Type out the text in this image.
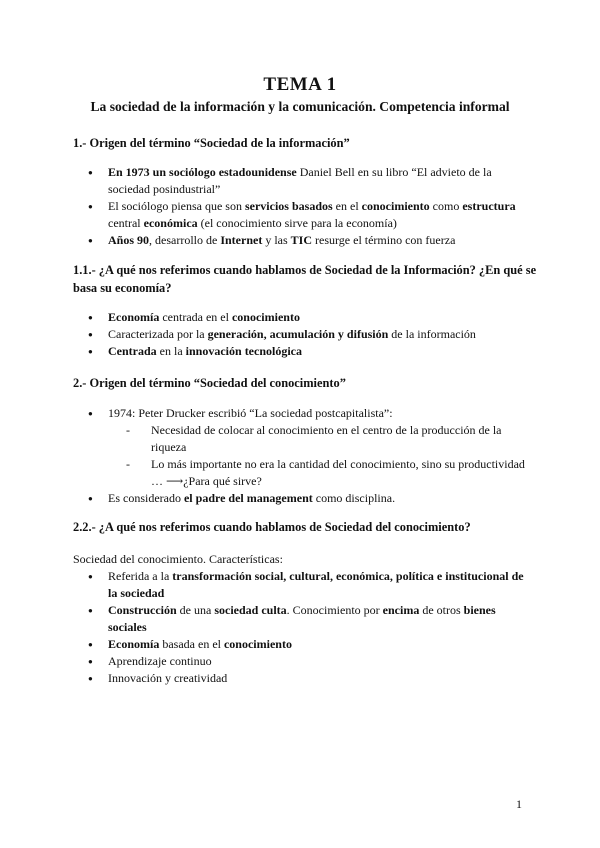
TEMA 1
La sociedad de la información y la comunicación. Competencia informal
1.- Origen del término “Sociedad de la información”
● En 1973 un sociólogo estadounidense Daniel Bell en su libro “El advieto de la sociedad posindustrial”
● El sociólogo piensa que son servicios basados en el conocimiento como estructura central económica (el conocimiento sirve para la economía)
● Años 90, desarrollo de Internet y las TIC resurge el término con fuerza
1.1.- ¿A qué nos referimos cuando hablamos de Sociedad de la Información? ¿En qué se basa su economía?
● Economía centrada en el conocimiento
● Caracterizada por la generación, acumulación y difusión de la información
● Centrada en la innovación tecnológica
2.- Origen del término “Sociedad del conocimiento”
● 1974: Peter Drucker escribió “La sociedad postcapitalista”:
- Necesidad de colocar al conocimiento en el centro de la producción de la riqueza
- Lo más importante no era la cantidad del conocimiento, sino su productividad … ⟶¿Para qué sirve?
● Es considerado el padre del management como disciplina.
2.2.- ¿A qué nos referimos cuando hablamos de Sociedad del conocimiento?
Sociedad del conocimiento. Características:
● Referida a la transformación social, cultural, económica, política e institucional de la sociedad
● Construcción de una sociedad culta. Conocimiento por encima de otros bienes sociales
● Economía basada en el conocimiento
● Aprendizaje continuo
● Innovación y creatividad
1
